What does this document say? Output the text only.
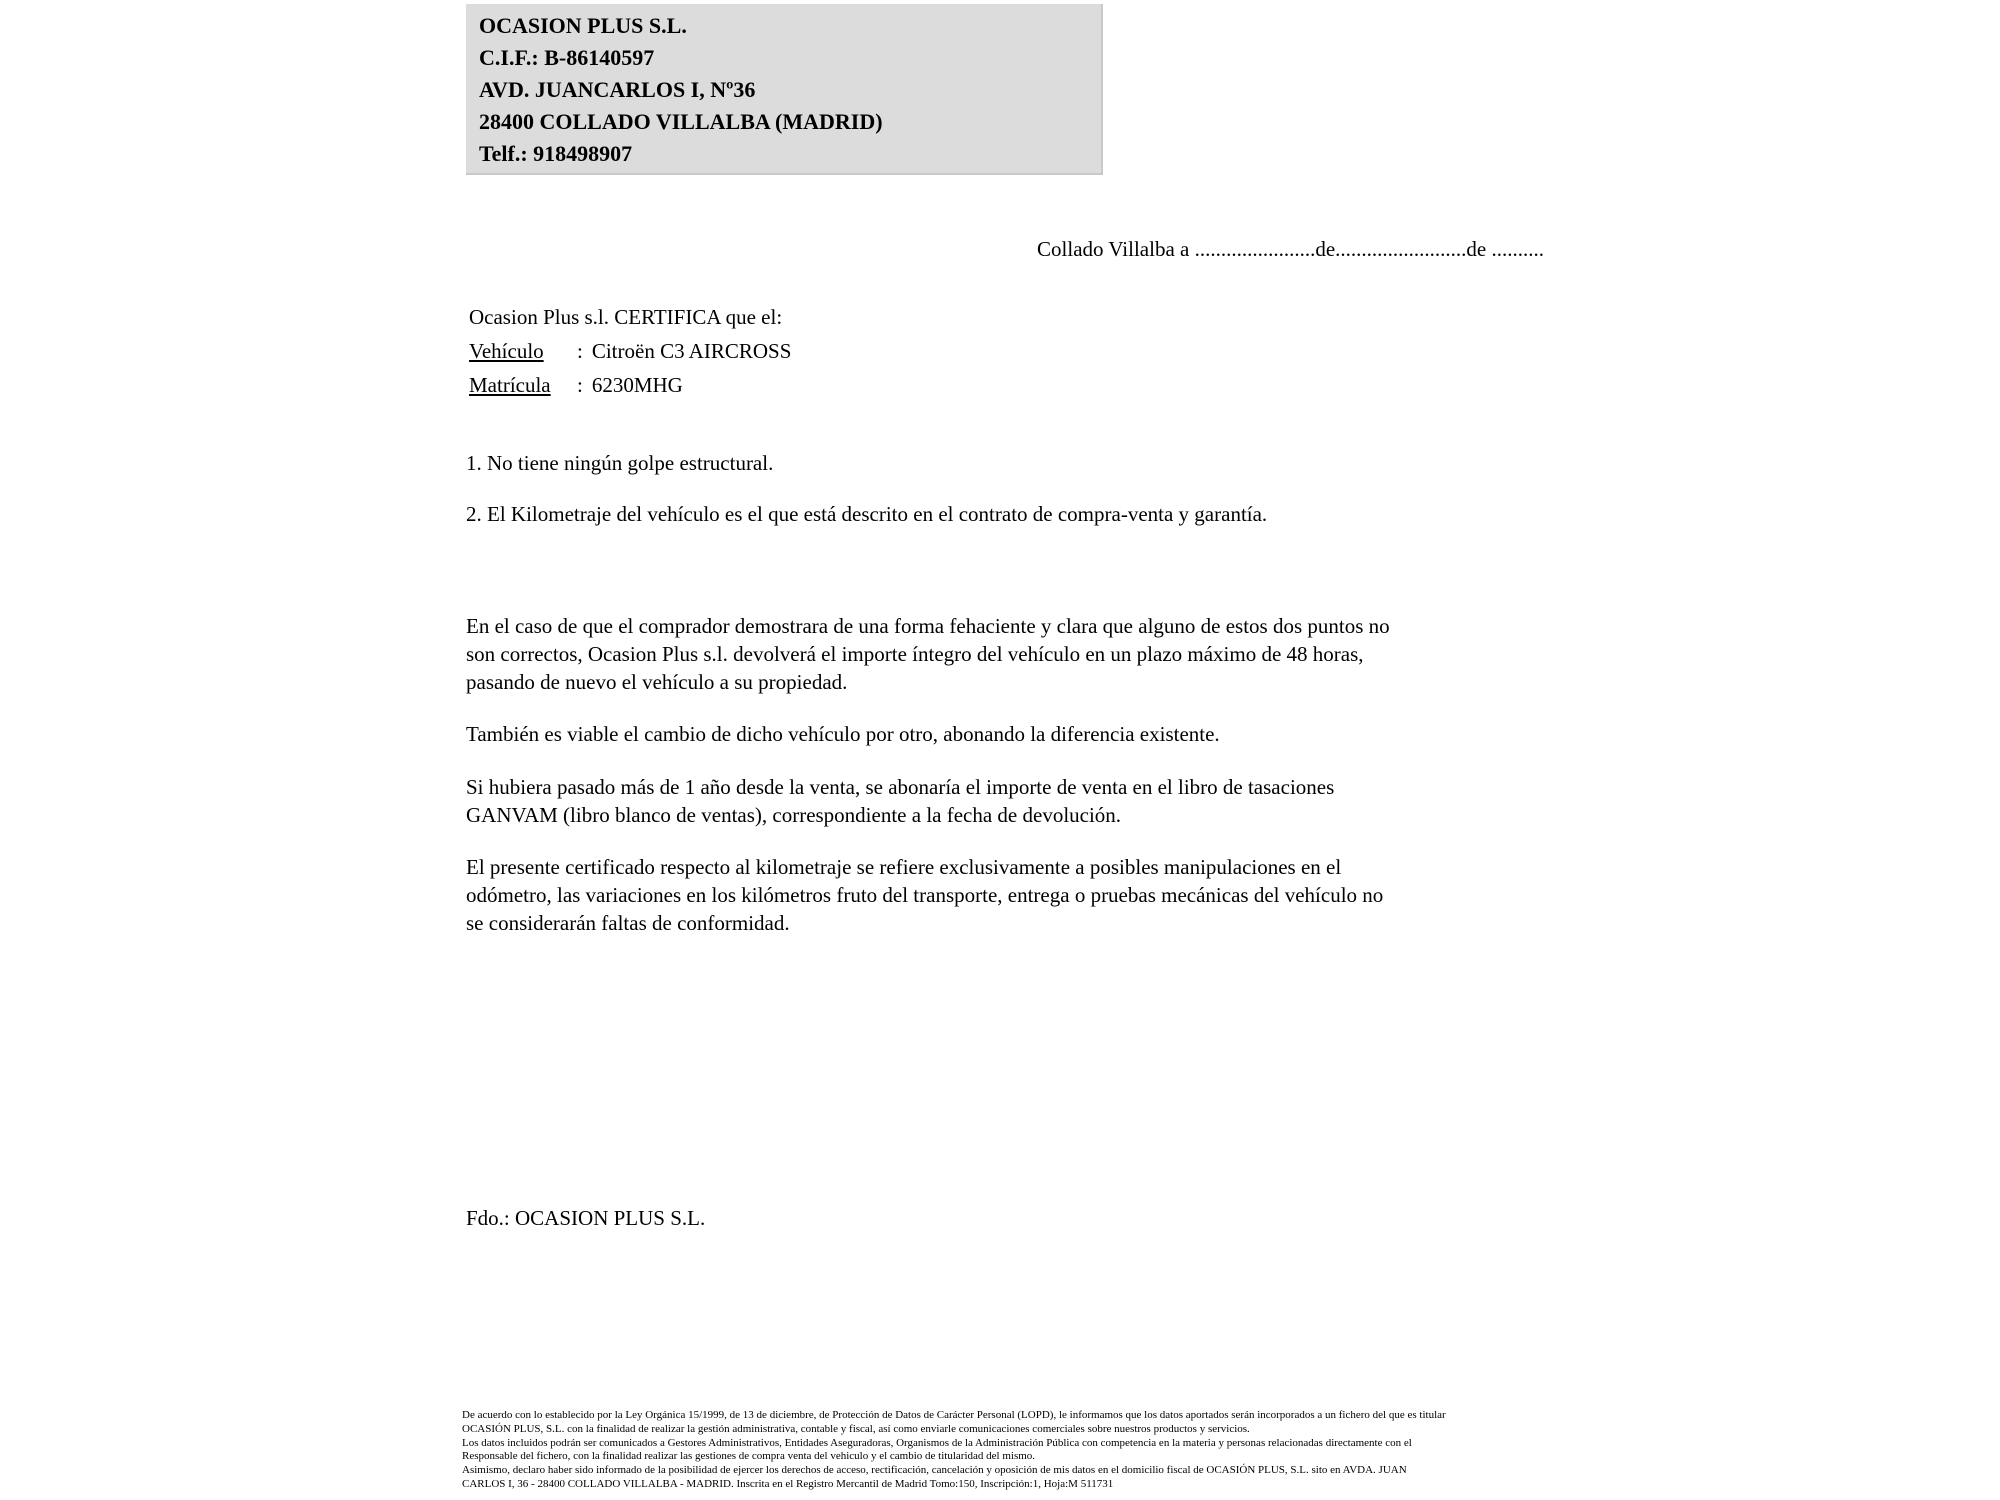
OCASION PLUS S.L.
C.I.F.: B-86140597
AVD. JUANCARLOS I, Nº36
28400 COLLADO VILLALBA (MADRID)
Telf.: 918498907
Collado Villalba a .......................de.........................de ..........
Ocasion Plus s.l. CERTIFICA que el:
Vehículo : Citroën C3 AIRCROSS
Matrícula : 6230MHG
1. No tiene ningún golpe estructural.
2. El Kilometraje del vehículo es el que está descrito en el contrato de compra-venta y garantía.
En el caso de que el comprador demostrara de una forma fehaciente y clara que alguno de estos dos puntos no
son correctos, Ocasion Plus s.l. devolverá el importe íntegro del vehículo en un plazo máximo de 48 horas,
pasando de nuevo el vehículo a su propiedad.
También es viable el cambio de dicho vehículo por otro, abonando la diferencia existente.
Si hubiera pasado más de 1 año desde la venta, se abonaría el importe de venta en el libro de tasaciones
GANVAM (libro blanco de ventas), correspondiente a la fecha de devolución.
El presente certificado respecto al kilometraje se refiere exclusivamente a posibles manipulaciones en el
odómetro, las variaciones en los kilómetros fruto del transporte, entrega o pruebas mecánicas del vehículo no
se considerarán faltas de conformidad.
Fdo.: OCASION PLUS S.L.
De acuerdo con lo establecido por la Ley Orgánica 15/1999, de 13 de diciembre, de Protección de Datos de Carácter Personal (LOPD), le informamos que los datos aportados serán incorporados a un fichero del que es titular
OCASIÓN PLUS, S.L. con la finalidad de realizar la gestión administrativa, contable y fiscal, así como enviarle comunicaciones comerciales sobre nuestros productos y servicios.
Los datos incluidos podrán ser comunicados a Gestores Administrativos, Entidades Aseguradoras, Organismos de la Administración Pública con competencia en la materia y personas relacionadas directamente con el
Responsable del fichero, con la finalidad realizar las gestiones de compra venta del vehiculo y el cambio de titularidad del mismo.
Asimismo, declaro haber sido informado de la posibilidad de ejercer los derechos de acceso, rectificación, cancelación y oposición de mis datos en el domicilio fiscal de OCASIÓN PLUS, S.L. sito en AVDA. JUAN
CARLOS I, 36 - 28400 COLLADO VILLALBA - MADRID. Inscrita en el Registro Mercantil de Madrid Tomo:150, Inscripción:1, Hoja:M 511731
